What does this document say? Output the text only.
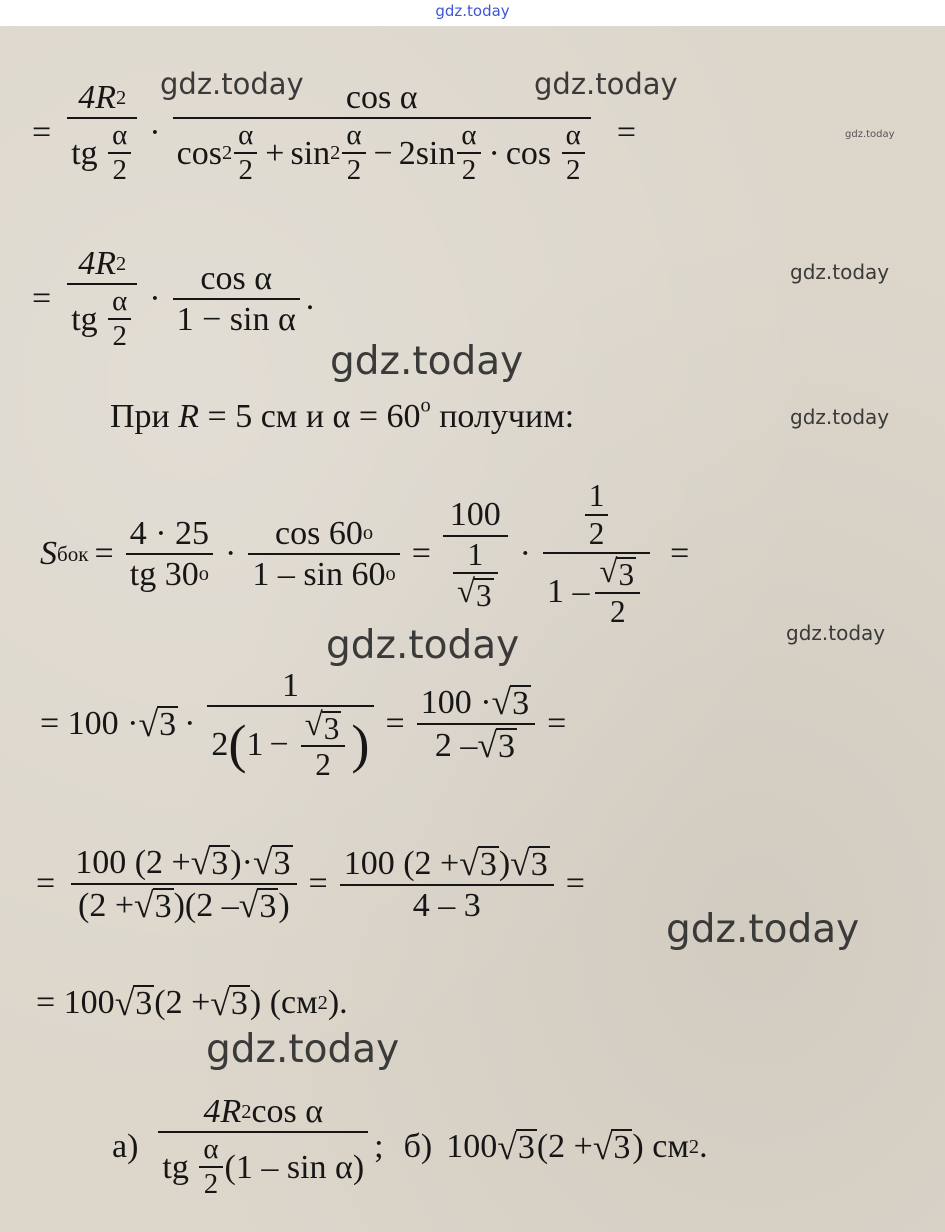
gdz.today
= 4R 2
tg
$\frac{\alpha}{2}$ ·
cos α
$\cos 2 \frac{\alpha}{2} + \sin 2 \frac{\alpha}{2} - 2\sin \frac{\alpha}{2} \cdot \cos$
$\frac{\alpha}{2}$ =
= 4R 2
tg
$\frac{\alpha}{2} \cdot \frac{\text{cos α}}{\text{1 − sin α}}$ .
При R = 5 см и $\alpha = 60^o$ получим:
S бок = $\frac{4 \cdot 25}{tg 30 o} \cdot \frac{\cos 60 o}{1 - \sin 60 o} = \frac{100}{\frac{1}{√ 3}} \cdot \frac{\frac{1}{2}}{1 - \frac{√ 3}{2}}$ =
= 100 · √ 3 ·
1
2 ( $1 - \frac{√ 3}{2}$ ) = $\frac{100 \cdot √ 3}{2 - √ 3}$ =
= $\frac{100 (2 + √ 3 )\cdot √ 3}{(2 + √ 3 )(2 - √ 3 )} = \frac{100 (2 + √ 3 ) √ 3}{4 - 3}$ =
= 100 √ 3 (2 + √ 3 ) (см 2 ).
а) 4R 2 cos α
tg
$\frac{\alpha}{2} (1$ – sin α) ; б) 100 √ 3 (2 + √ 3 ) см 2 .
gdz.today	gdz.today
gdz.today
gdz.today
gdz.today
gdz.today
gdz.today	gdz.today
gdz.today
gdz.today
